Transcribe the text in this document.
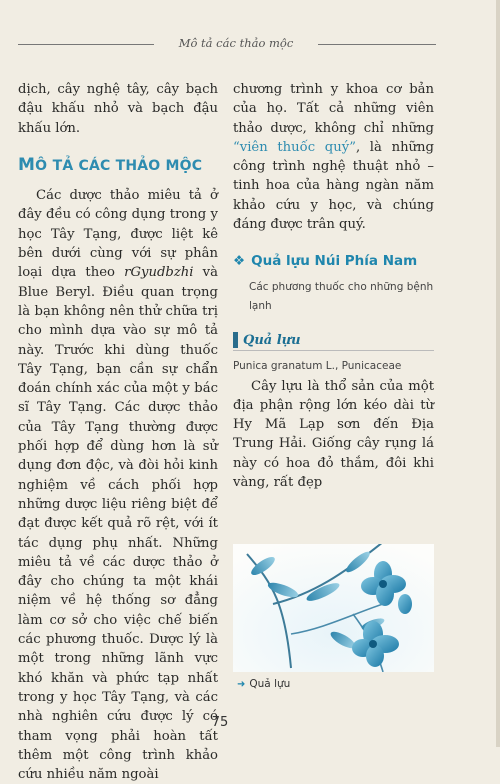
Mô tả các thảo mộc

dịch, cây nghệ tây, cây bạch đậu khấu nhỏ và bạch đậu khấu lớn.

MÔ TẢ CÁC THẢO MỘC

Các dược thảo miêu tả ở đây đều có công dụng trong y học Tây Tạng, được liệt kê bên dưới cùng với sự phân loại dựa theo rGyudbzhi và Blue Beryl. Điều quan trọng là bạn không nên thử chữa trị cho mình dựa vào sự mô tả này. Trước khi dùng thuốc Tây Tạng, bạn cần sự chẩn đoán chính xác của một y bác sĩ Tây Tạng. Các dược thảo của Tây Tạng thường được phối hợp để dùng hơn là sử dụng đơn độc, và đòi hỏi kinh nghiệm về cách phối hợp những dược liệu riêng biệt để đạt được kết quả rõ rệt, với ít tác dụng phụ nhất. Những miêu tả về các dược thảo ở đây cho chúng ta một khái niệm về hệ thống sơ đẳng làm cơ sở cho việc chế biến các phương thuốc. Dược lý là một trong những lãnh vực khó khăn và phức tạp nhất trong y học Tây Tạng, và các nhà nghiên cứu được lý có tham vọng phải hoàn tất thêm một công trình khảo cứu nhiều năm ngoài

chương trình y khoa cơ bản của họ. Tất cả những viên thảo dược, không chỉ những “viên thuốc quý”, là những công trình nghệ thuật nhỏ – tinh hoa của hàng ngàn năm khảo cứu y học, và chúng đáng được trân quý.

❖ Quả lựu Núi Phía Nam
Các phương thuốc cho những bệnh lạnh
Quả lựu
Punica granatum L., Punicaceae

Cây lựu là thổ sản của một địa phận rộng lớn kéo dài từ Hy Mã Lạp sơn đến Địa Trung Hải. Giống cây rụng lá này có hoa đỏ thắm, đôi khi vàng, rất đẹp

➜ Quả lựu
75
